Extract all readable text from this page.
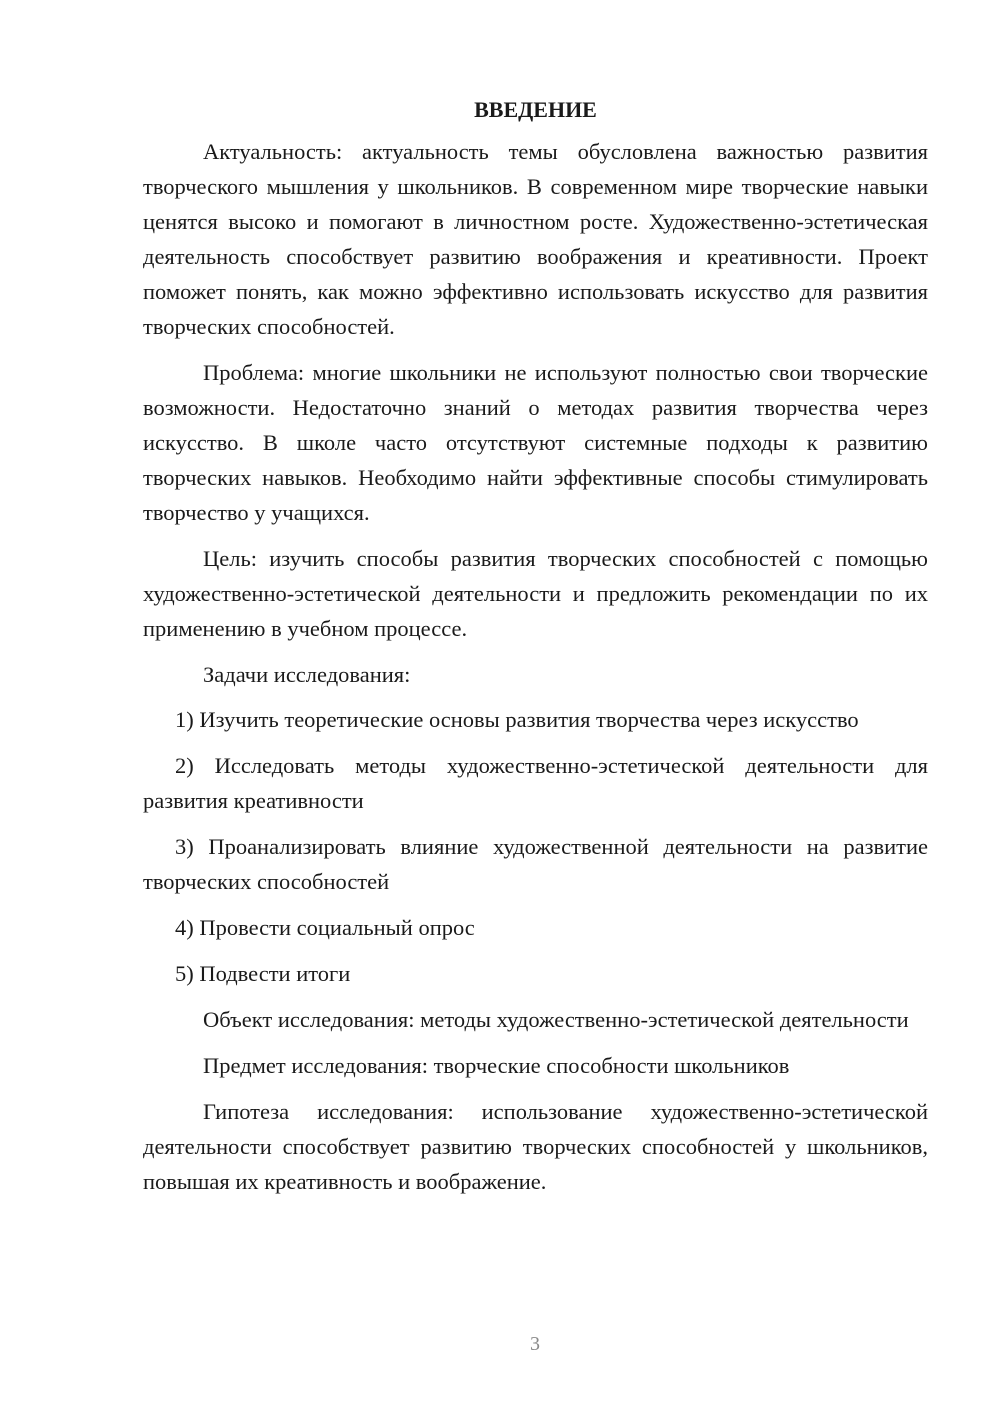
ВВЕДЕНИЕ

Актуальность: актуальность темы обусловлена важностью развития творческого мышления у школьников. В современном мире творческие навыки ценятся высоко и помогают в личностном росте. Художественно-эстетическая деятельность способствует развитию воображения и креативности. Проект поможет понять, как можно эффективно использовать искусство для развития творческих способностей.

Проблема: многие школьники не используют полностью свои творческие возможности. Недостаточно знаний о методах развития творчества через искусство. В школе часто отсутствуют системные подходы к развитию творческих навыков. Необходимо найти эффективные способы стимулировать творчество у учащихся.

Цель: изучить способы развития творческих способностей с помощью художественно-эстетической деятельности и предложить рекомендации по их применению в учебном процессе.

Задачи исследования:

1) Изучить теоретические основы развития творчества через искусство

2) Исследовать методы художественно-эстетической деятельности для развития креативности

3) Проанализировать влияние художественной деятельности на развитие творческих способностей

4) Провести социальный опрос

5) Подвести итоги

Объект исследования: методы художественно-эстетической деятельности

Предмет исследования: творческие способности школьников

Гипотеза исследования: использование художественно-эстетической деятельности способствует развитию творческих способностей у школьников, повышая их креативность и воображение.

3
